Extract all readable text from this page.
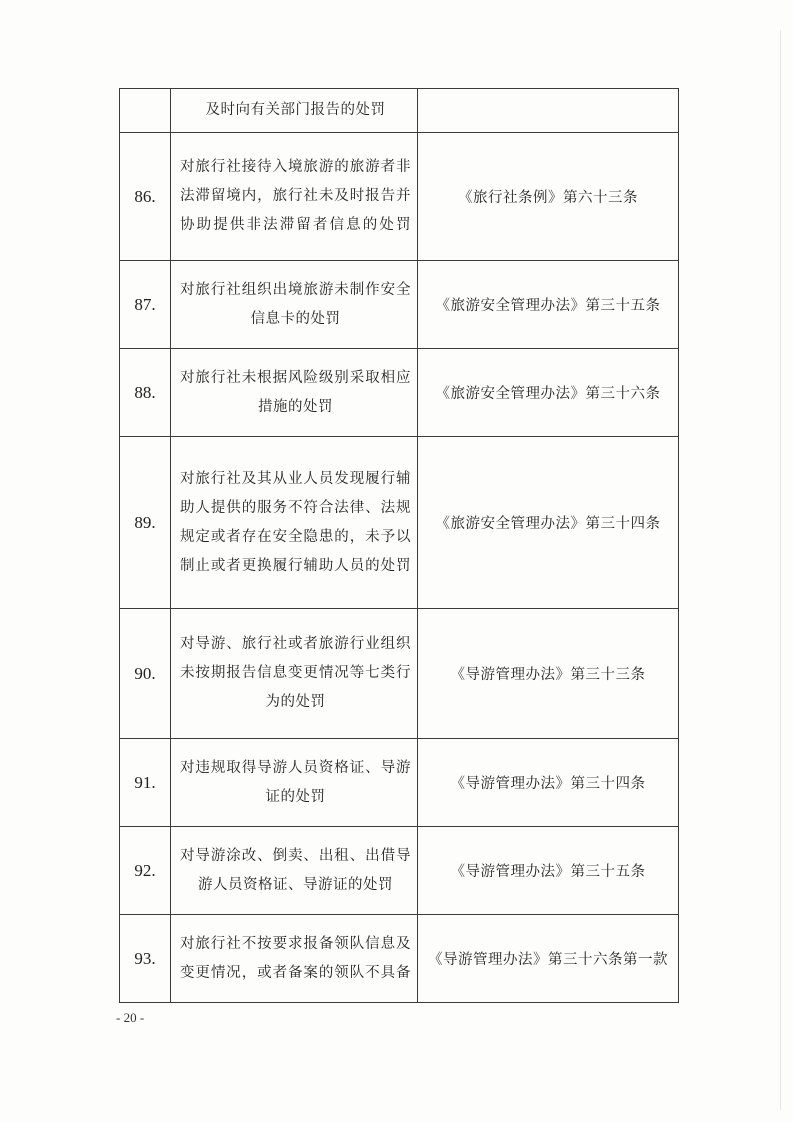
	及时向有关部门报告的处罚	

86.	对旅行社接待入境旅游的旅游者非
法滞留境内，旅行社未及时报告并
协助提供非法滞留者信息的处罚	《旅行社条例》第六十三条
87.	对旅行社组织出境旅游未制作安全
信息卡的处罚	《旅游安全管理办法》第三十五条
88.	对旅行社未根据风险级别采取相应
措施的处罚	《旅游安全管理办法》第三十六条
89.	对旅行社及其从业人员发现履行辅
助人提供的服务不符合法律、法规
规定或者存在安全隐患的，未予以
制止或者更换履行辅助人员的处罚	《旅游安全管理办法》第三十四条
90.	对导游、旅行社或者旅游行业组织
未按期报告信息变更情况等七类行
为的处罚	《导游管理办法》第三十三条
91.	对违规取得导游人员资格证、导游
证的处罚	《导游管理办法》第三十四条
92.	对导游涂改、倒卖、出租、出借导
游人员资格证、导游证的处罚	《导游管理办法》第三十五条
93.	对旅行社不按要求报备领队信息及
变更情况，或者备案的领队不具备	《导游管理办法》第三十六条第一款
- 20 -
